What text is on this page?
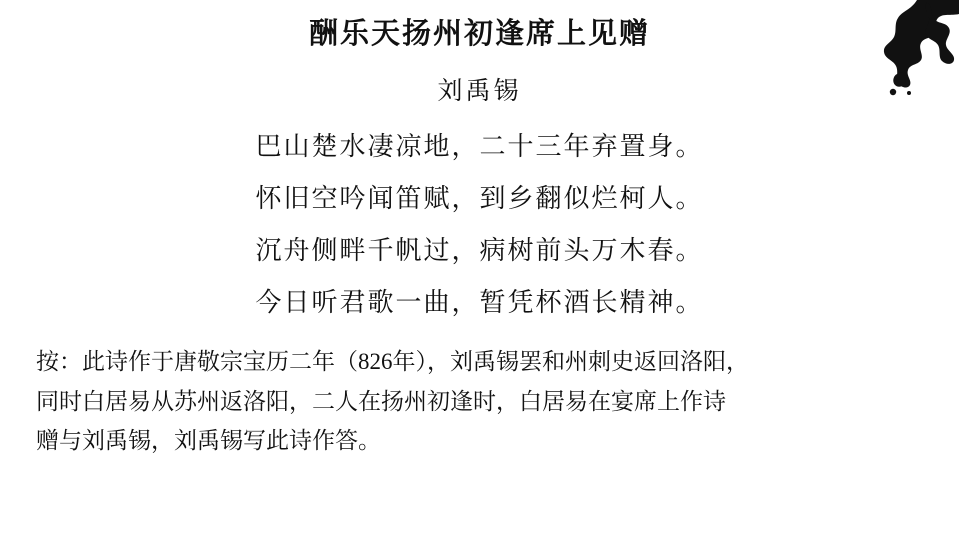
酬乐天扬州初逢席上见赠
刘禹锡
巴山楚水凄凉地，二十三年弃置身。
怀旧空吟闻笛赋，到乡翻似烂柯人。
沉舟侧畔千帆过，病树前头万木春。
今日听君歌一曲，暂凭杯酒长精神。
按：此诗作于唐敬宗宝历二年（826年），刘禹锡罢和州刺史返回洛阳，
同时白居易从苏州返洛阳，二人在扬州初逢时，白居易在宴席上作诗
赠与刘禹锡，刘禹锡写此诗作答。
